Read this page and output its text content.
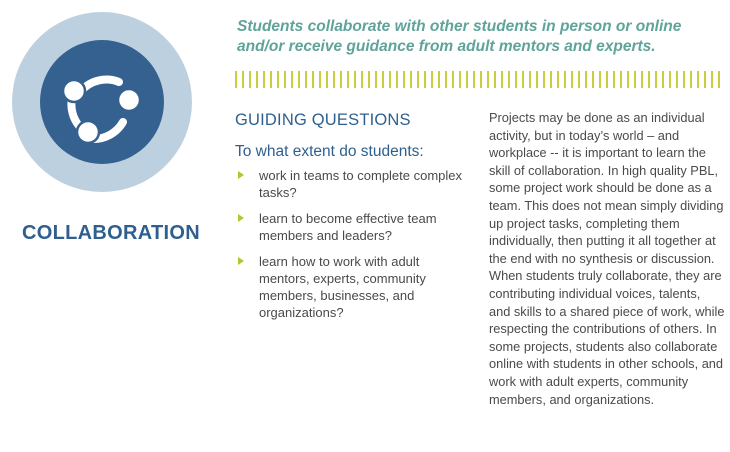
COLLABORATION
Students collaborate with other students in person or online and/or receive guidance from adult mentors and experts.
GUIDING QUESTIONS
To what extent do students:
work in teams to complete complex tasks?
learn to become effective team members and leaders?
learn how to work with adult mentors, experts, community members, businesses, and organizations?
Projects may be done as an individual activity, but in today’s world – and workplace -- it is important to learn the skill of collaboration. In high quality PBL, some project work should be done as a team. This does not mean simply dividing up project tasks, completing them individually, then putting it all together at the end with no synthesis or discussion. When students truly collaborate, they are contributing individual voices, talents, and skills to a shared piece of work, while respecting the contributions of others. In some projects, students also collaborate online with students in other schools, and work with adult experts, community members, and organizations.
